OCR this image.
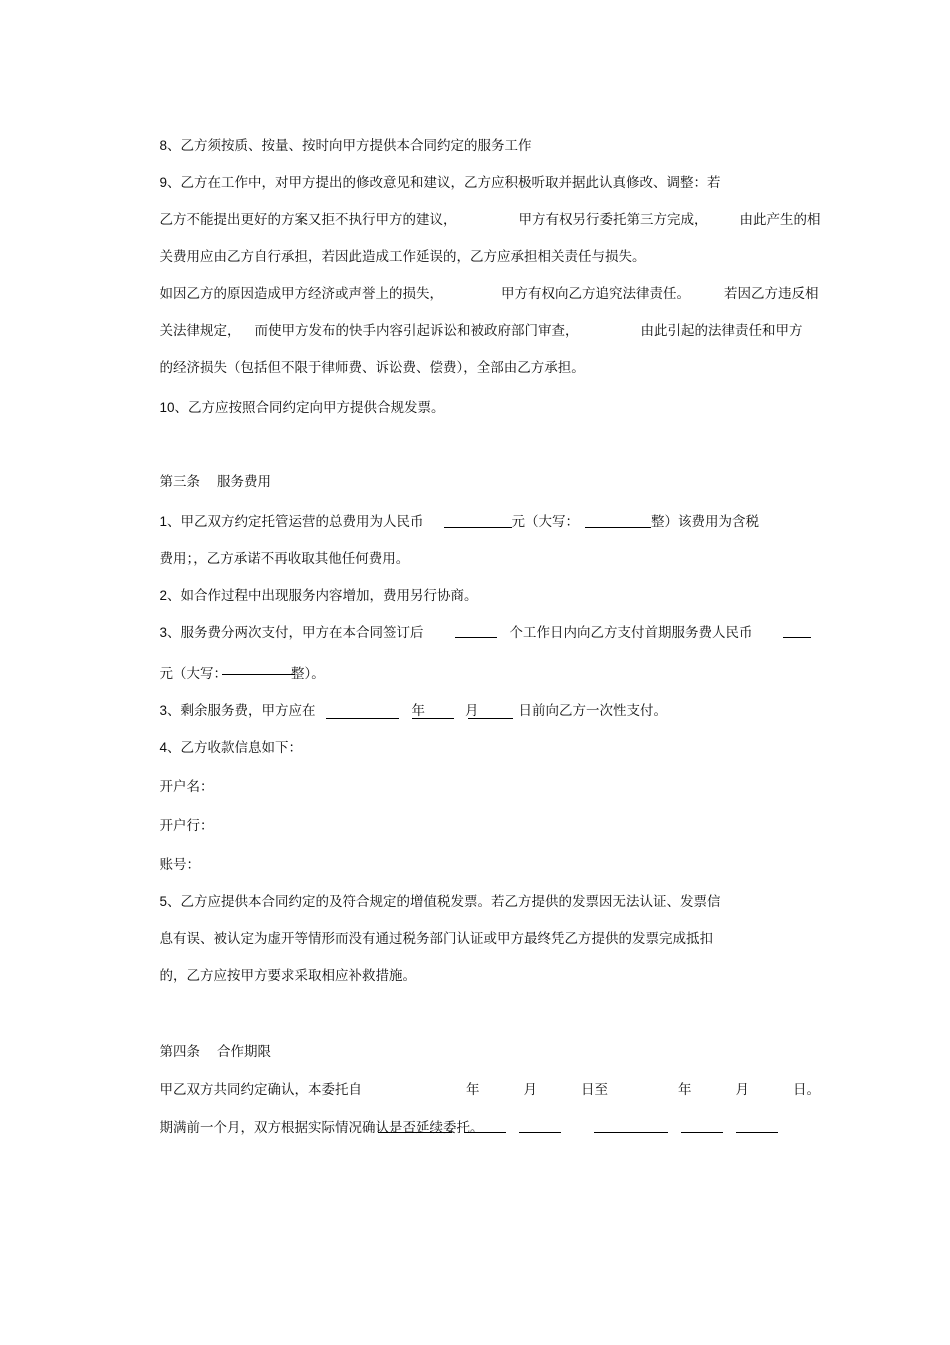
8、乙方须按质、按量、按时向甲方提供本合同约定的服务工作

9、乙方在工作中，对甲方提出的修改意见和建议，乙方应积极听取并据此认真修改、调整：若

乙方不能提出更好的方案又拒不执行甲方的建议，	甲方有权另行委托第三方完成， 由此产生的相

关费用应由乙方自行承担，若因此造成工作延误的，乙方应承担相关责任与损失。

如因乙方的原因造成甲方经济或声誉上的损失，	甲方有权向乙方追究法律责任。	若因乙方违反相

关法律规定， 而使甲方发布的快手内容引起诉讼和被政府部门审查，	由此引起的法律责任和甲方

的经济损失（包括但不限于律师费、诉讼费、偿费），全部由乙方承担。

10、乙方应按照合同约定向甲方提供合规发票。

第三条 服务费用

1、甲乙双方约定托管运营的总费用为人民币	元（大写：	整）该费用为含税

费用；，乙方承诺不再收取其他任何费用。

2、如合作过程中出现服务内容增加，费用另行协商。

3、服务费分两次支付，甲方在本合同签订后	个工作日内向乙方支付首期服务费人民币

元（大写：	整）。

3、剩余服务费，甲方应在	年	月	日前向乙方一次性支付。

4、乙方收款信息如下：

开户名：

开户行：

账号：

5、乙方应提供本合同约定的及符合规定的增值税发票。若乙方提供的发票因无法认证、发票信

息有误、被认定为虚开等情形而没有通过税务部门认证或甲方最终凭乙方提供的发票完成抵扣

的，乙方应按甲方要求采取相应补救措施。

第四条 合作期限

甲乙双方共同约定确认，本委托自	年	月	日至	年	月	日。

期满前一个月，双方根据实际情况确认是否延续委托。
